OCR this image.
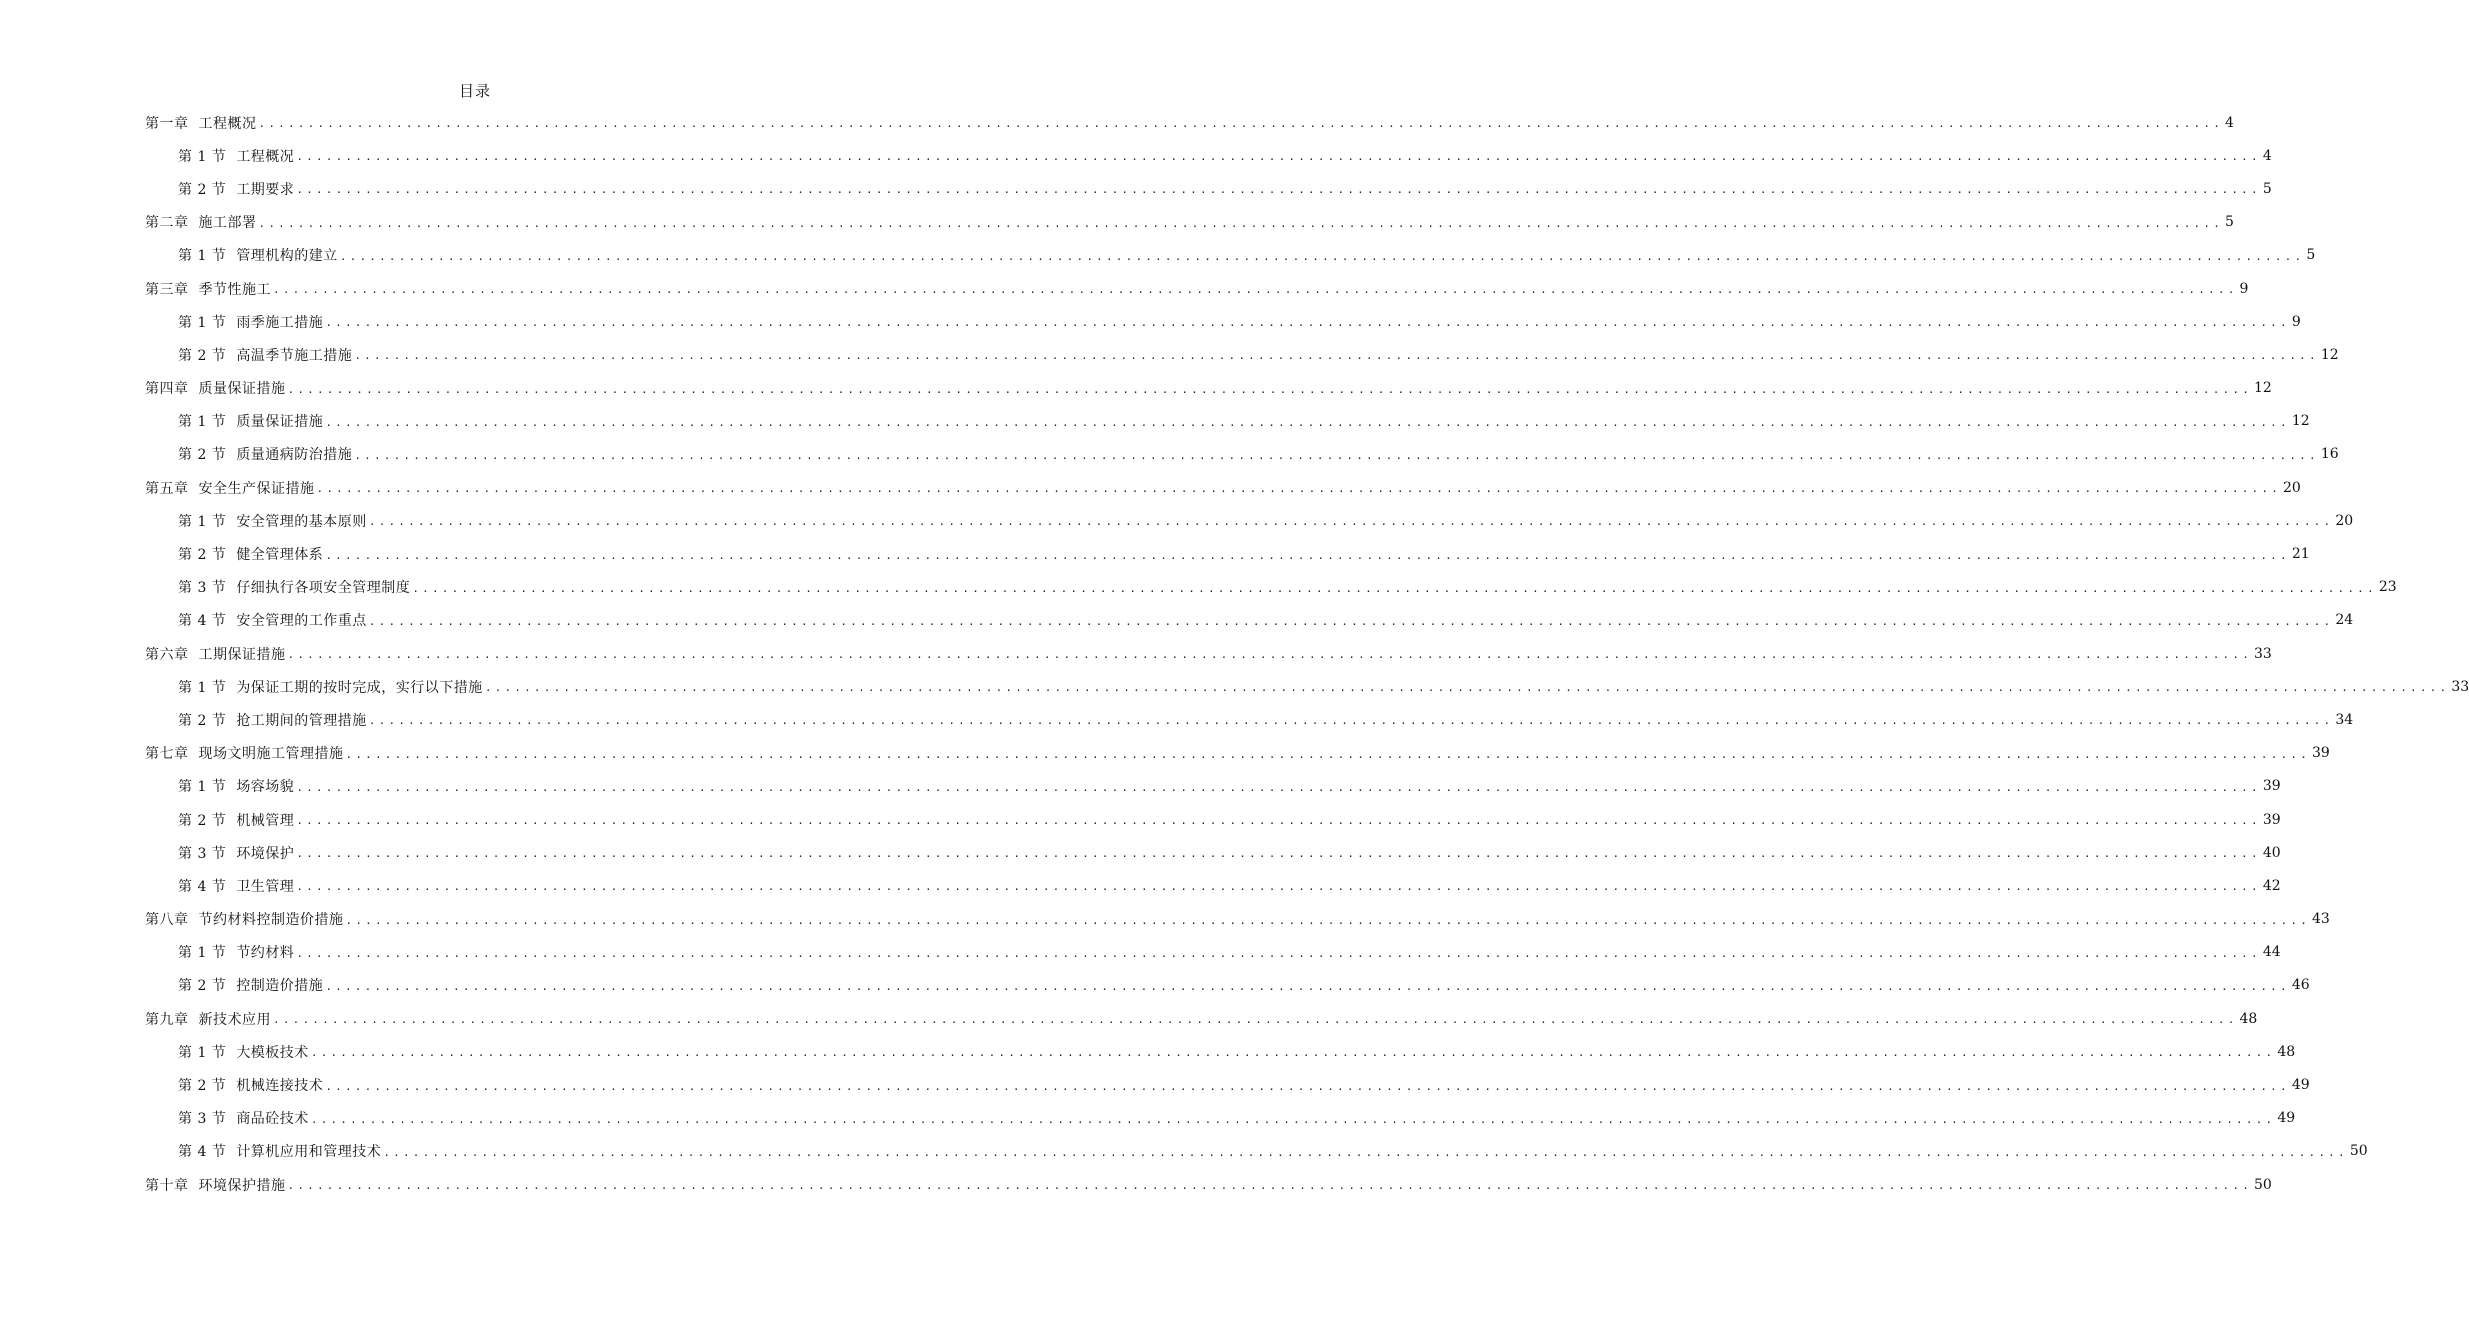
目录
第一章 工程概况 ........................................................................................................................................................................................................ 4
第 1 节 工程概况 ........................................................................................................................................................................................................ 4
第 2 节 工期要求 ........................................................................................................................................................................................................ 5
第二章 施工部署 ........................................................................................................................................................................................................ 5
第 1 节 管理机构的建立 ........................................................................................................................................................................................................ 5
第三章 季节性施工 ........................................................................................................................................................................................................ 9
第 1 节 雨季施工措施 ........................................................................................................................................................................................................ 9
第 2 节 高温季节施工措施 ........................................................................................................................................................................................................ 12
第四章 质量保证措施 ........................................................................................................................................................................................................ 12
第 1 节 质量保证措施 ........................................................................................................................................................................................................ 12
第 2 节 质量通病防治措施 ........................................................................................................................................................................................................ 16
第五章 安全生产保证措施 ........................................................................................................................................................................................................ 20
第 1 节 安全管理的基本原则 ........................................................................................................................................................................................................ 20
第 2 节 健全管理体系 ........................................................................................................................................................................................................ 21
第 3 节 仔细执行各项安全管理制度 ........................................................................................................................................................................................................ 23
第 4 节 安全管理的工作重点 ........................................................................................................................................................................................................ 24
第六章 工期保证措施 ........................................................................................................................................................................................................ 33
第 1 节 为保证工期的按时完成，实行以下措施 ........................................................................................................................................................................................................ 33
第 2 节 抢工期间的管理措施 ........................................................................................................................................................................................................ 34
第七章 现场文明施工管理措施 ........................................................................................................................................................................................................ 39
第 1 节 场容场貌 ........................................................................................................................................................................................................ 39
第 2 节 机械管理 ........................................................................................................................................................................................................ 39
第 3 节 环境保护 ........................................................................................................................................................................................................ 40
第 4 节 卫生管理 ........................................................................................................................................................................................................ 42
第八章 节约材料控制造价措施 ........................................................................................................................................................................................................ 43
第 1 节 节约材料 ........................................................................................................................................................................................................ 44
第 2 节 控制造价措施 ........................................................................................................................................................................................................ 46
第九章 新技术应用 ........................................................................................................................................................................................................ 48
第 1 节 大模板技术 ........................................................................................................................................................................................................ 48
第 2 节 机械连接技术 ........................................................................................................................................................................................................ 49
第 3 节 商品砼技术 ........................................................................................................................................................................................................ 49
第 4 节 计算机应用和管理技术 ........................................................................................................................................................................................................ 50
第十章 环境保护措施 ........................................................................................................................................................................................................ 50
